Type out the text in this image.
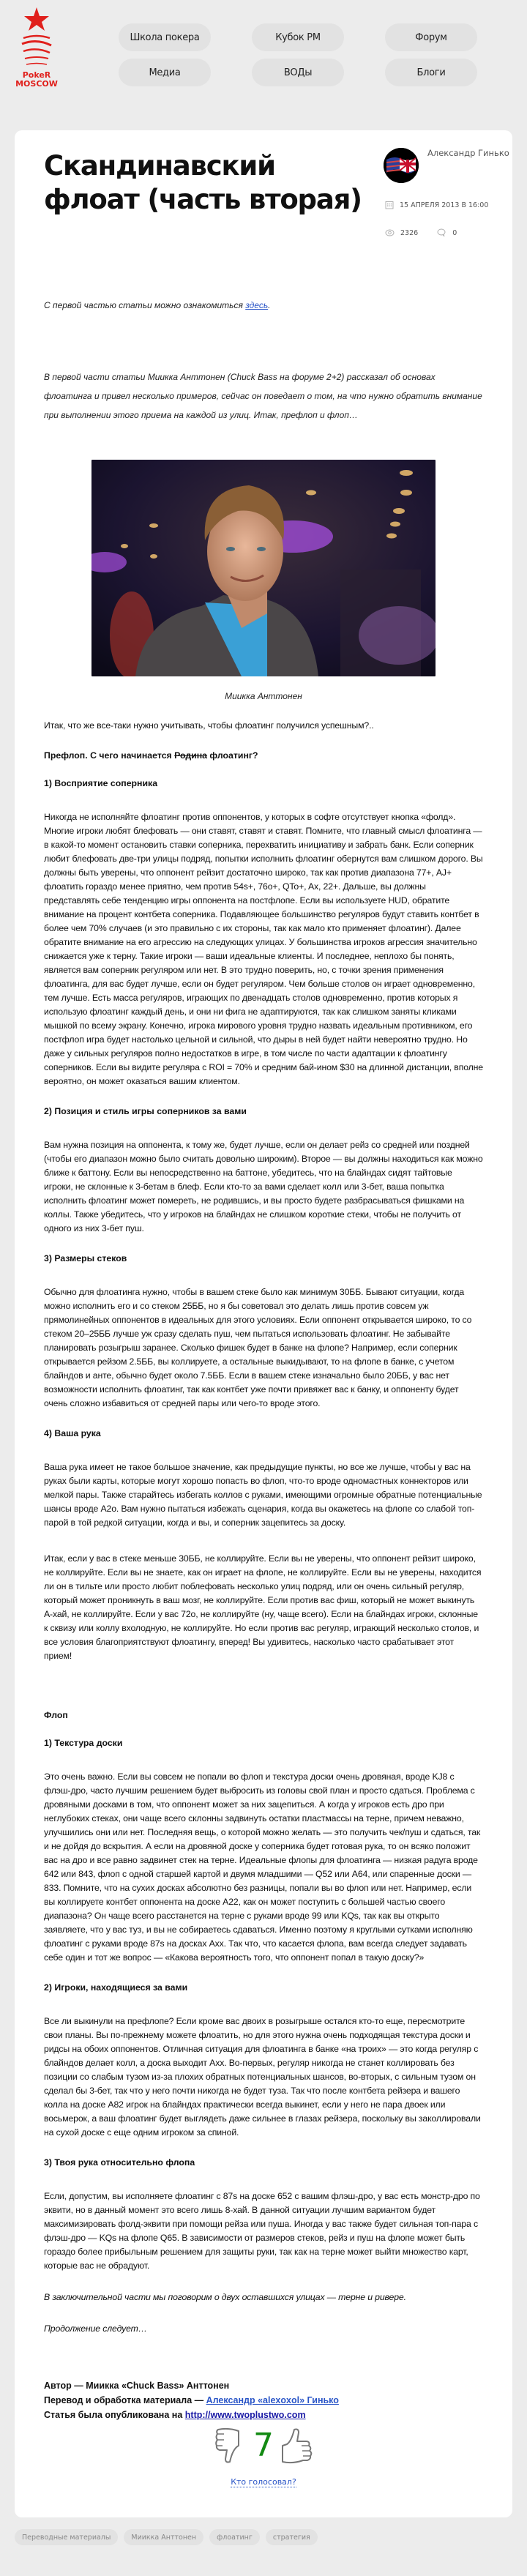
PokeR
MOSCOW
Школа покера	Кубок PM	Форум
Медиа	ВОДы	Блоги
Скандинавский флоат (часть вторая)
Александр Гинько
15 АПРЕЛЯ 2013 В 16:00
2326	0

С первой частью статьи можно ознакомиться здесь.

В первой части статьи Миикка Анттонен (Chuck Bass на форуме 2+2) рассказал об основах флоатинга и привел несколько примеров, сейчас он поведает о том, на что нужно обратить внимание при выполнении этого приема на каждой из улиц. Итак, префлоп и флоп…

Миикка Анттонен

Итак, что же все-таки нужно учитывать, чтобы флоатинг получился успешным?..

Префлоп. С чего начинается Родина флоатинг?

1) Восприятие соперника

Никогда не исполняйте флоатинг против оппонентов, у которых в софте отсутствует кнопка «фолд». Многие игроки любят блефовать — они ставят, ставят и ставят. Помните, что главный смысл флоатинга — в какой-то момент остановить ставки соперника, перехватить инициативу и забрать банк. Если соперник любит блефовать две-три улицы подряд, попытки исполнить флоатинг обернутся вам слишком дорого. Вы должны быть уверены, что оппонент рейзит достаточно широко, так как против диапазона 77+, AJ+ флоатить гораздо менее приятно, чем против 54s+, 76o+, QTo+, Ax, 22+. Дальше, вы должны представлять себе тенденцию игры оппонента на постфлопе. Если вы используете HUD, обратите внимание на процент контбета соперника. Подавляющее большинство регуляров будут ставить контбет в более чем 70% случаев (и это правильно с их стороны, так как мало кто применяет флоатинг). Далее обратите внимание на его агрессию на следующих улицах. У большинства игроков агрессия значительно снижается уже к терну. Такие игроки — ваши идеальные клиенты. И последнее, неплохо бы понять, является вам соперник регуляром или нет. В это трудно поверить, но, с точки зрения применения флоатинга, для вас будет лучше, если он будет регуляром. Чем больше столов он играет одновременно, тем лучше. Есть масса регуляров, играющих по двенадцать столов одновременно, против которых я использую флоатинг каждый день, и они ни фига не адаптируются, так как слишком заняты кликами мышкой по всему экрану. Конечно, игрока мирового уровня трудно назвать идеальным противником, его постфлоп игра будет настолько цельной и сильной, что дыры в ней будет найти невероятно трудно. Но даже у сильных регуляров полно недостатков в игре, в том числе по части адаптации к флоатингу соперников. Если вы видите регуляра с ROI = 70% и средним бай-ином $30 на длинной дистанции, вполне вероятно, он может оказаться вашим клиентом.

2) Позиция и стиль игры соперников за вами

Вам нужна позиция на оппонента, к тому же, будет лучше, если он делает рейз со средней или поздней (чтобы его диапазон можно было считать довольно широким). Второе — вы должны находиться как можно ближе к баттону. Если вы непосредственно на баттоне, убедитесь, что на блайндах сидят тайтовые игроки, не склонные к 3-бетам в блеф. Если кто-то за вами сделает колл или 3-бет, ваша попытка исполнить флоатинг может помереть, не родившись, и вы просто будете разбрасываться фишками на коллы. Также убедитесь, что у игроков на блайндах не слишком короткие стеки, чтобы не получить от одного из них 3-бет пуш.

3) Размеры стеков

Обычно для флоатинга нужно, чтобы в вашем стеке было как минимум 30ББ. Бывают ситуации, когда можно исполнить его и со стеком 25ББ, но я бы советовал это делать лишь против совсем уж прямолинейных оппонентов в идеальных для этого условиях. Если оппонент открывается широко, то со стеком 20–25ББ лучше уж сразу сделать пуш, чем пытаться использовать флоатинг. Не забывайте планировать розыгрыш заранее. Сколько фишек будет в банке на флопе? Например, если соперник открывается рейзом 2.5ББ, вы коллируете, а остальные выкидывают, то на флопе в банке, с учетом блайндов и анте, обычно будет около 7.5ББ. Если в вашем стеке изначально было 20ББ, у вас нет возможности исполнить флоатинг, так как контбет уже почти привяжет вас к банку, и оппоненту будет очень сложно избавиться от средней пары или чего-то вроде этого.

4) Ваша рука

Ваша рука имеет не такое большое значение, как предыдущие пункты, но все же лучше, чтобы у вас на руках были карты, которые могут хорошо попасть во флоп, что-то вроде одномастных коннекторов или мелкой пары. Также старайтесь избегать коллов с руками, имеющими огромные обратные потенциальные шансы вроде A2o. Вам нужно пытаться избежать сценария, когда вы окажетесь на флопе со слабой топ-парой в той редкой ситуации, когда и вы, и соперник зацепитесь за доску.

Итак, если у вас в стеке меньше 30ББ, не коллируйте. Если вы не уверены, что оппонент рейзит широко, не коллируйте. Если вы не знаете, как он играет на флопе, не коллируйте. Если вы не уверены, находится ли он в тильте или просто любит поблефовать несколько улиц подряд, или он очень сильный регуляр, который может проникнуть в ваш мозг, не коллируйте. Если против вас фиш, который не может выкинуть А-хай, не коллируйте. Если у вас 72o, не коллируйте (ну, чаще всего). Если на блайндах игроки, склонные к сквизу или коллу вхолодную, не коллируйте. Но если против вас регуляр, играющий несколько столов, и все условия благоприятствуют флоатингу, вперед! Вы удивитесь, насколько часто срабатывает этот прием!

Флоп

1) Текстура доски

Это очень важно. Если вы совсем не попали во флоп и текстура доски очень дровяная, вроде KJ8 с флэш-дро, часто лучшим решением будет выбросить из головы свой план и просто сдаться. Проблема с дровяными досками в том, что оппонент может за них зацепиться. А когда у игроков есть дро при неглубоких стеках, они чаще всего склонны задвинуть остатки пластмассы на терне, причем неважно, улучшились они или нет. Последняя вещь, о которой можно желать — это получить чек/пуш и сдаться, так и не дойдя до вскрытия. А если на дровяной доске у соперника будет готовая рука, то он всяко положит вас на дро и все равно задвинет стек на терне. Идеальные флопы для флоатинга — низкая радуга вроде 642 или 843, флоп с одной старшей картой и двумя младшими — Q52 или A64, или спаренные доски — 833. Помните, что на сухих досках абсолютно без разницы, попали вы во флоп или нет. Например, если вы коллируете контбет оппонента на доске A22, как он может поступить с большей частью своего диапазона? Он чаще всего расстанется на терне с руками вроде 99 или KQs, так как вы открыто заявляете, что у вас туз, и вы не собираетесь сдаваться. Именно поэтому я круглыми сутками исполняю флоатинг с руками вроде 87s на досках Axx. Так что, что касается флопа, вам всегда следует задавать себе один и тот же вопрос — «Какова вероятность того, что оппонент попал в такую доску?»

2) Игроки, находящиеся за вами

Все ли выкинули на префлопе? Если кроме вас двоих в розыгрыше остался кто-то еще, пересмотрите свои планы. Вы по-прежнему можете флоатить, но для этого нужна очень подходящая текстура доски и ридсы на обоих оппонентов. Отличная ситуация для флоатинга в банке «на троих» — это когда регуляр с блайндов делает колл, а доска выходит Axx. Во-первых, регуляр никогда не станет коллировать без позиции со слабым тузом из-за плохих обратных потенциальных шансов, во-вторых, с сильным тузом он сделал бы 3-бет, так что у него почти никогда не будет туза. Так что после контбета рейзера и вашего колла на доске A82 игрок на блайндах практически всегда выкинет, если у него не пара двоек или восьмерок, а ваш флоатинг будет выглядеть даже сильнее в глазах рейзера, поскольку вы заколлировали на сухой доске с еще одним игроком за спиной.

3) Твоя рука относительно флопа

Если, допустим, вы исполняете флоатинг с 87s на доске 652 с вашим флэш-дро, у вас есть монстр-дро по эквити, но в данный момент это всего лишь 8-хай. В данной ситуации лучшим вариантом будет максимизировать фолд-эквити при помощи рейза или пуша. Иногда у вас также будет сильная топ-пара с флэш-дро — KQs на флопе Q65. В зависимости от размеров стеков, рейз и пуш на флопе может быть гораздо более прибыльным решением для защиты руки, так как на терне может выйти множество карт, которые вас не обрадуют.

В заключительной части мы поговорим о двух оставшихся улицах — терне и ривере.

Продолжение следует…

Автор — Миикка «Chuck Bass» Анттонен
Перевод и обработка материала — Александр «alexoxol» Гинько
Статья была опубликована на http://www.twoplustwo.com
7
Кто голосовал?
Переводные материалы	Миикка Анттонен	флоатинг	стратегия
